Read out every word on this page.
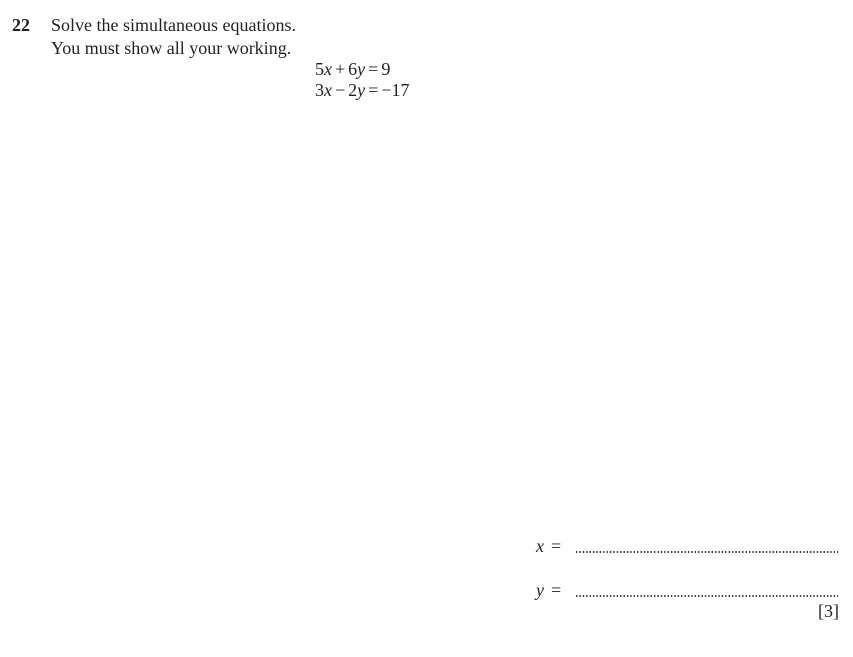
22 Solve the simultaneous equations.
You must show all your working.
5x + 6y = 9
3x − 2y = −17
x =
y =
[3]
